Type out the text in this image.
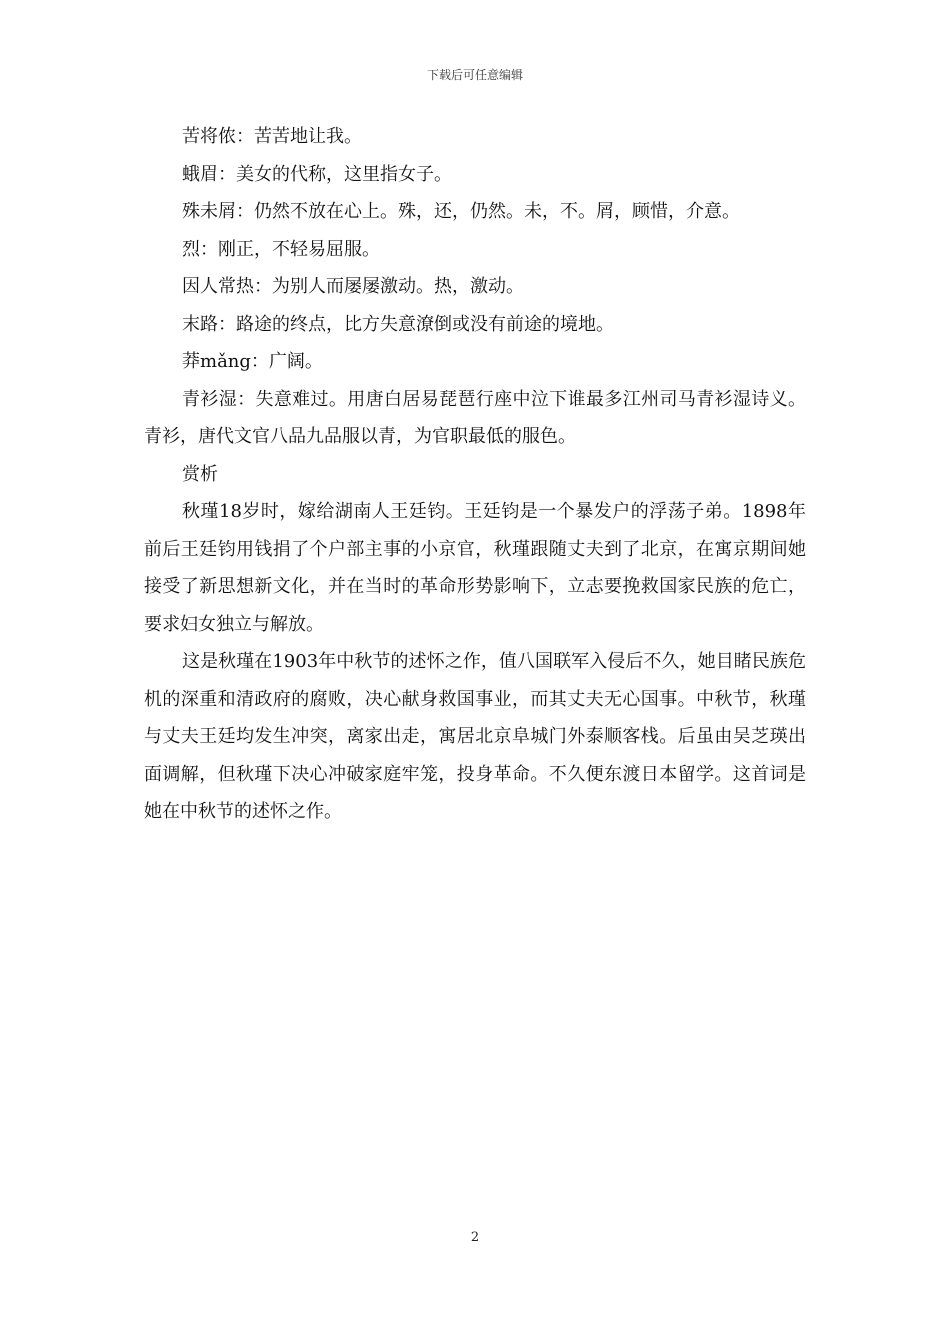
下载后可任意编辑

苦将侬：苦苦地让我。

蛾眉：美女的代称，这里指女子。

殊未屑：仍然不放在心上。殊，还，仍然。未，不。屑，顾惜，介意。

烈：刚正，不轻易屈服。

因人常热：为别人而屡屡激动。热，激动。

末路：路途的终点，比方失意潦倒或没有前途的境地。

莽mǎng：广阔。

青衫湿：失意难过。用唐白居易琵琶行座中泣下谁最多江州司马青衫湿诗义。青衫，唐代文官八品九品服以青，为官职最低的服色。

赏析

秋瑾18岁时，嫁给湖南人王廷钧。王廷钧是一个暴发户的浮荡子弟。1898年前后王廷钧用钱捐了个户部主事的小京官，秋瑾跟随丈夫到了北京，在寓京期间她接受了新思想新文化，并在当时的革命形势影响下，立志要挽救国家民族的危亡，要求妇女独立与解放。

这是秋瑾在1903年中秋节的述怀之作，值八国联军入侵后不久，她目睹民族危机的深重和清政府的腐败，决心献身救国事业，而其丈夫无心国事。中秋节，秋瑾与丈夫王廷均发生冲突，离家出走，寓居北京阜城门外泰顺客栈。后虽由吴芝瑛出面调解，但秋瑾下决心冲破家庭牢笼，投身革命。不久便东渡日本留学。这首词是她在中秋节的述怀之作。

2
